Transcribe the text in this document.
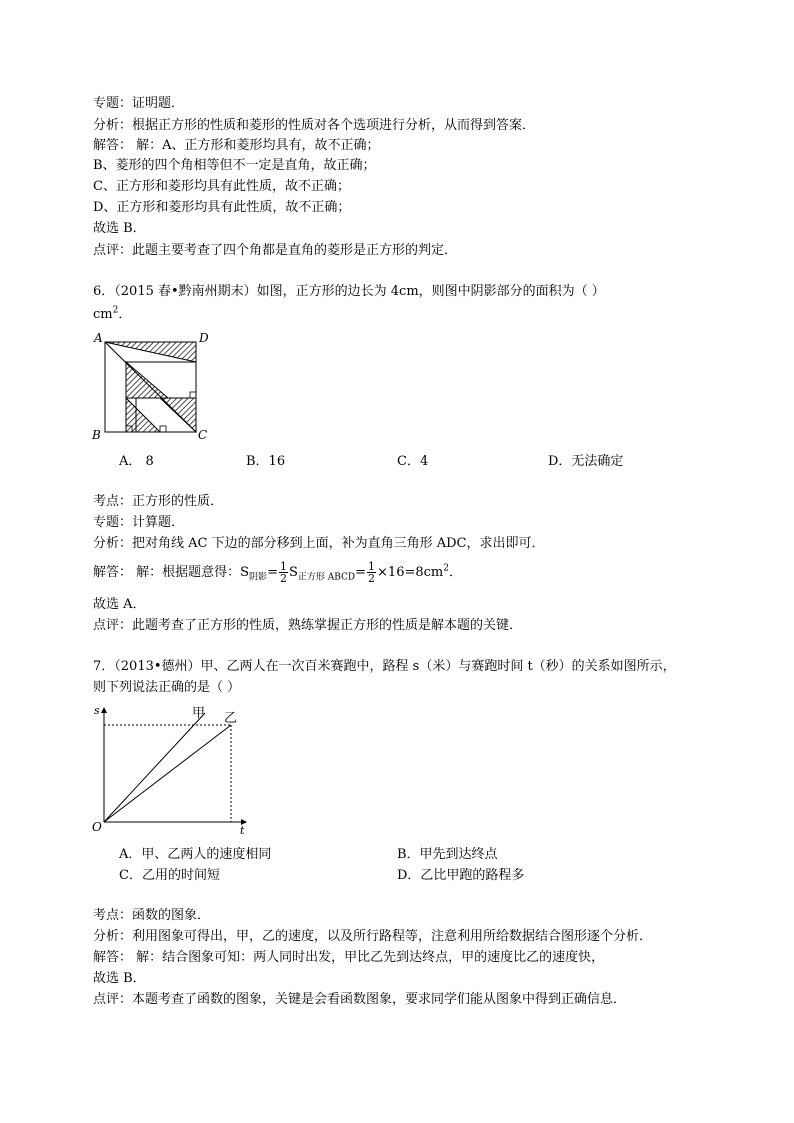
专题：证明题．
分析：根据正方形的性质和菱形的性质对各个选项进行分析，从而得到答案．
解答： 解：A、正方形和菱形均具有，故不正确；
B、菱形的四个角相等但不一定是直角，故正确；
C、正方形和菱形均具有此性质，故不正确；
D、正方形和菱形均具有此性质，故不正确；
故选 B．
点评：此题主要考查了四个角都是直角的菱形是正方形的判定．
6．（2015 春•黔南州期末）如图，正方形的边长为 4cm，则图中阴影部分的面积为（ ）
$cm^2$．
A	D
B	C
A． 8	B．16	C．4	D．无法确定
考点：正方形的性质．
专题：计算题．
分析：把对角线 AC 下边的部分移到上面，补为直角三角形 ADC，求出即可．
解答： 解：根据题意得：$S_{阴影}= \frac{1}{2} S_{正方形 ABCD}= \frac{1}{2} \times 16=8cm^2$．
故选 A．
点评：此题考查了正方形的性质，熟练掌握正方形的性质是解本题的关键．
7．（2013•德州）甲、乙两人在一次百米赛跑中，路程 s（米）与赛跑时间 t（秒）的关系如图所示，
则下列说法正确的是（ ）
s
t
O
甲 乙
A．甲、乙两人的速度相同	B．甲先到达终点
C．乙用的时间短	D．乙比甲跑的路程多
考点：函数的图象．
分析：利用图象可得出，甲，乙的速度，以及所行路程等，注意利用所给数据结合图形逐个分析．
解答： 解：结合图象可知：两人同时出发，甲比乙先到达终点，甲的速度比乙的速度快，
故选 B．
点评：本题考查了函数的图象，关键是会看函数图象，要求同学们能从图象中得到正确信息．
